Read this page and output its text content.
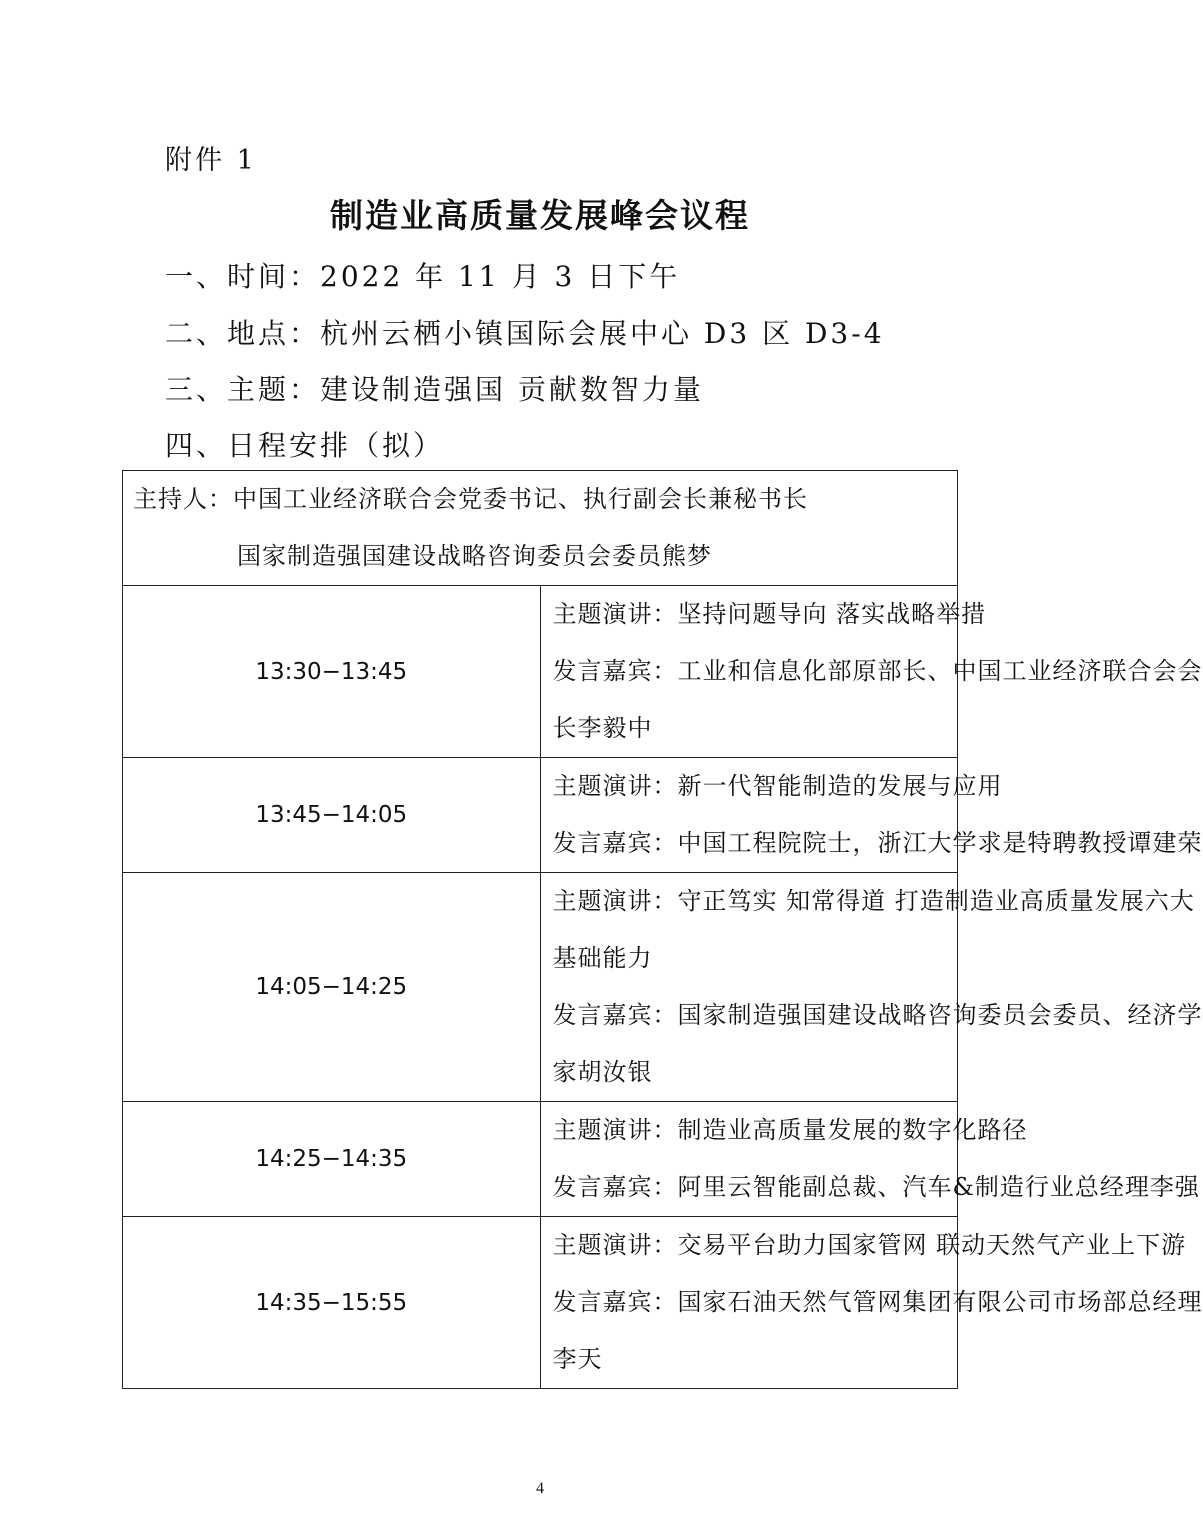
附件 1
制造业高质量发展峰会议程
一、时间：2022 年 11 月 3 日下午
二、地点：杭州云栖小镇国际会展中心 D3 区 D3-4
三、主题：建设制造强国 贡献数智力量
四、日程安排（拟）
主持人：中国工业经济联合会党委书记、执行副会长兼秘书长
国家制造强国建设战略咨询委员会委员熊梦	

13:30−13:45	主题演讲：坚持问题导向 落实战略举措
发言嘉宾：工业和信息化部原部长、中国工业经济联合会会
长李毅中

13:45−14:05	主题演讲：新一代智能制造的发展与应用
发言嘉宾：中国工程院院士，浙江大学求是特聘教授谭建荣

14:05−14:25	主题演讲：守正笃实 知常得道 打造制造业高质量发展六大
基础能力
发言嘉宾：国家制造强国建设战略咨询委员会委员、经济学
家胡汝银

14:25−14:35	主题演讲：制造业高质量发展的数字化路径
发言嘉宾：阿里云智能副总裁、汽车&制造行业总经理李强

14:35−15:55	主题演讲：交易平台助力国家管网 联动天然气产业上下游
发言嘉宾：国家石油天然气管网集团有限公司市场部总经理
李天
4
